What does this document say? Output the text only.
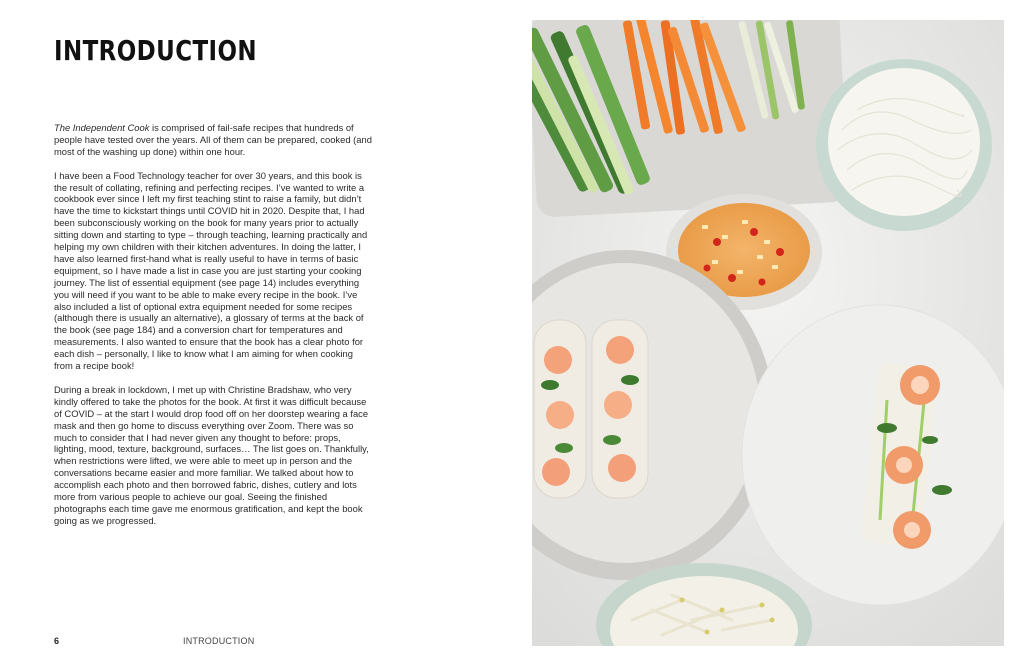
INTRODUCTION

The Independent Cook is comprised of fail-safe recipes that hundreds of people have tested over the years. All of them can be prepared, cooked (and most of the washing up done) within one hour.

I have been a Food Technology teacher for over 30 years, and this book is the result of collating, refining and perfecting recipes. I’ve wanted to write a cookbook ever since I left my first teaching stint to raise a family, but didn’t have the time to kickstart things until COVID hit in 2020. Despite that, I had been subconsciously working on the book for many years prior to actually sitting down and starting to type – through teaching, learning practically and helping my own children with their kitchen adventures. In doing the latter, I have also learned first-hand what is really useful to have in terms of basic equipment, so I have made a list in case you are just starting your cooking journey. The list of essential equipment (see page 14) includes everything you will need if you want to be able to make every recipe in the book. I’ve also included a list of optional extra equipment needed for some recipes (although there is usually an alternative), a glossary of terms at the back of the book (see page 184) and a conversion chart for temperatures and measurements. I also wanted to ensure that the book has a clear photo for each dish – personally, I like to know what I am aiming for when cooking from a recipe book!

During a break in lockdown, I met up with Christine Bradshaw, who very kindly offered to take the photos for the book. At first it was difficult because of COVID – at the start I would drop food off on her doorstep wearing a face mask and then go home to discuss everything over Zoom. There was so much to consider that I had never given any thought to before: props, lighting, mood, texture, background, surfaces… The list goes on. Thankfully, when restrictions were lifted, we were able to meet up in person and the conversations became easier and more familiar. We talked about how to accomplish each photo and then borrowed fabric, dishes, cutlery and lots more from various people to achieve our goal. Seeing the finished photographs each time gave me enormous gratification, and kept the book going as we progressed.

6	INTRODUCTION
